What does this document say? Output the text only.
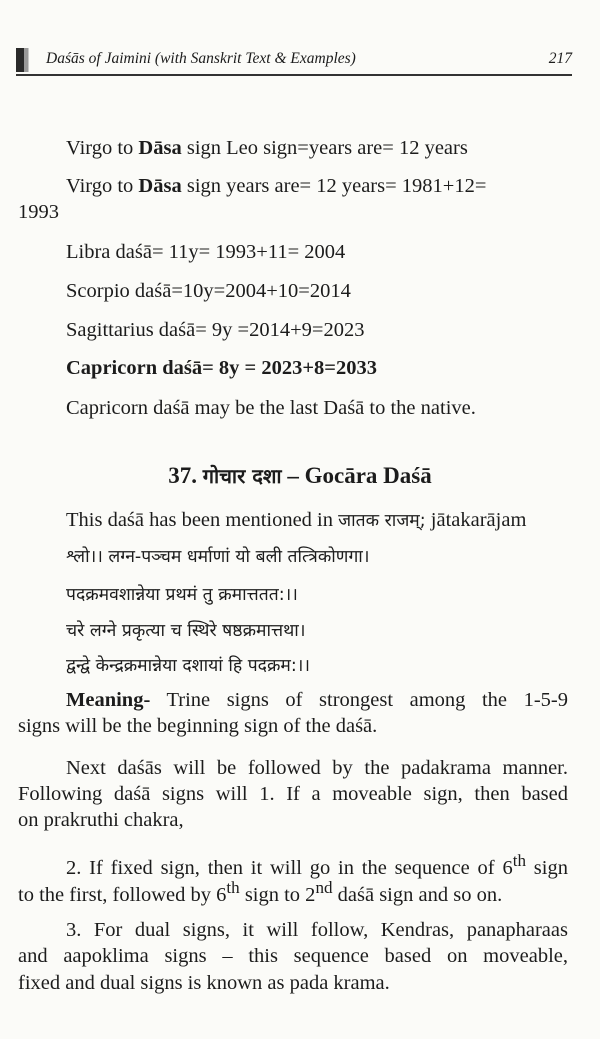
Daśās of Jaimini (with Sanskrit Text & Examples)	217
Virgo to Dāsa sign Leo sign=years are= 12 years
Virgo to Dāsa sign years are= 12 years= 1981+12=
1993
Libra daśā= 11y= 1993+11= 2004
Scorpio daśā=10y=2004+10=2014
Sagittarius daśā= 9y =2014+9=2023
Capricorn daśā= 8y = 2023+8=2033
Capricorn daśā may be the last Daśā to the native.
37. गोचार दशा – Gocāra Daśā
This daśā has been mentioned in जातक राजम्; jātakarājam
श्लो।। लग्न-पञ्चम धर्माणां यो बली तत्त्रिकोणगा।
पदक्रमवशान्नेया प्रथमं तु क्रमात्ततत:।।
चरे लग्ने प्रकृत्या च स्थिरे षष्ठक्रमात्तथा।
द्वन्द्वे केन्द्रक्रमान्नेया दशायां हि पदक्रम:।।
Meaning- Trine signs of strongest among the 1-5-9
signs will be the beginning sign of the daśā.
Next daśās will be followed by the padakrama manner.
Following daśā signs will 1. If a moveable sign, then based
on prakruthi chakra,
2. If fixed sign, then it will go in the sequence of 6th sign
to the first, followed by 6th sign to 2nd daśā sign and so on.
3. For dual signs, it will follow, Kendras, panapharaas
and aapoklima signs – this sequence based on moveable,
fixed and dual signs is known as pada krama.
